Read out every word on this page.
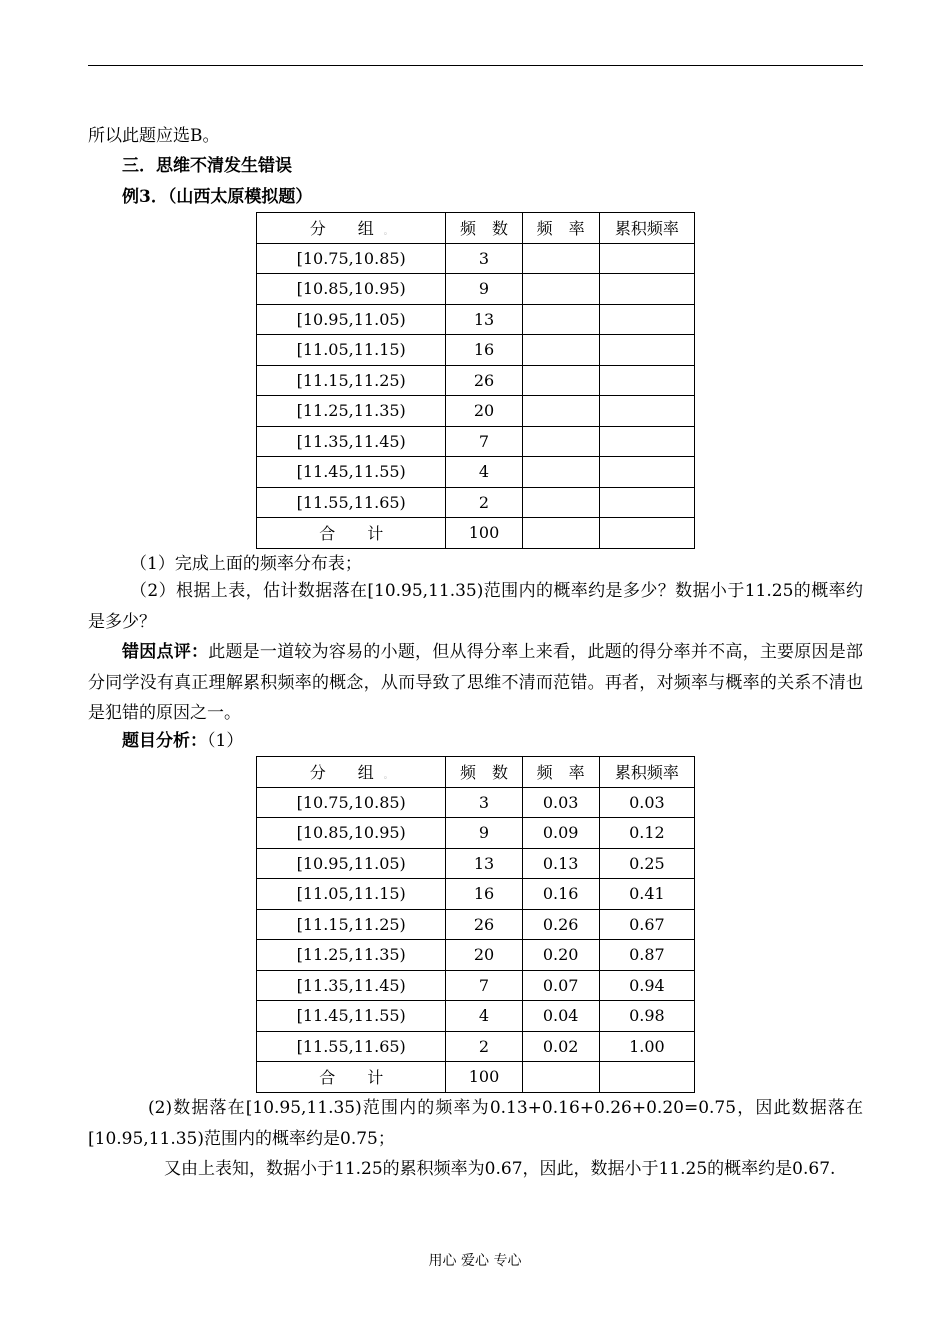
所以此题应选B。
三．思维不清发生错误
例3．（山西太原模拟题）
分　　组 。	频　数	频　率	累积频率
[10.75,10.85)	3		
[10.85,10.95)	9		
[10.95,11.05)	13		
[11.05,11.15)	16		
[11.15,11.25)	26		
[11.25,11.35)	20		
[11.35,11.45)	7		
[11.45,11.55)	4		
[11.55,11.65)	2		
合　　计	100		
（1）完成上面的频率分布表；
（2）根据上表，估计数据落在[10.95,11.35)范围内的概率约是多少？数据小于11.25的概率约是多少？
错因点评：此题是一道较为容易的小题，但从得分率上来看，此题的得分率并不高，主要原因是部分同学没有真正理解累积频率的概念，从而导致了思维不清而范错。再者，对频率与概率的关系不清也是犯错的原因之一。
题目分析：（1）
分　　组 。	频　数	频　率	累积频率
[10.75,10.85)	3	0.03	0.03
[10.85,10.95)	9	0.09	0.12
[10.95,11.05)	13	0.13	0.25
[11.05,11.15)	16	0.16	0.41
[11.15,11.25)	26	0.26	0.67
[11.25,11.35)	20	0.20	0.87
[11.35,11.45)	7	0.07	0.94
[11.45,11.55)	4	0.04	0.98
[11.55,11.65)	2	0.02	1.00
合　　计	100		
(2)数据落在[10.95,11.35)范围内的频率为0.13+0.16+0.26+0.20=0.75，因此数据落在[10.95,11.35)范围内的概率约是0.75；
又由上表知，数据小于11.25的累积频率为0.67，因此，数据小于11.25的概率约是0.67.
用心 爱心 专心
